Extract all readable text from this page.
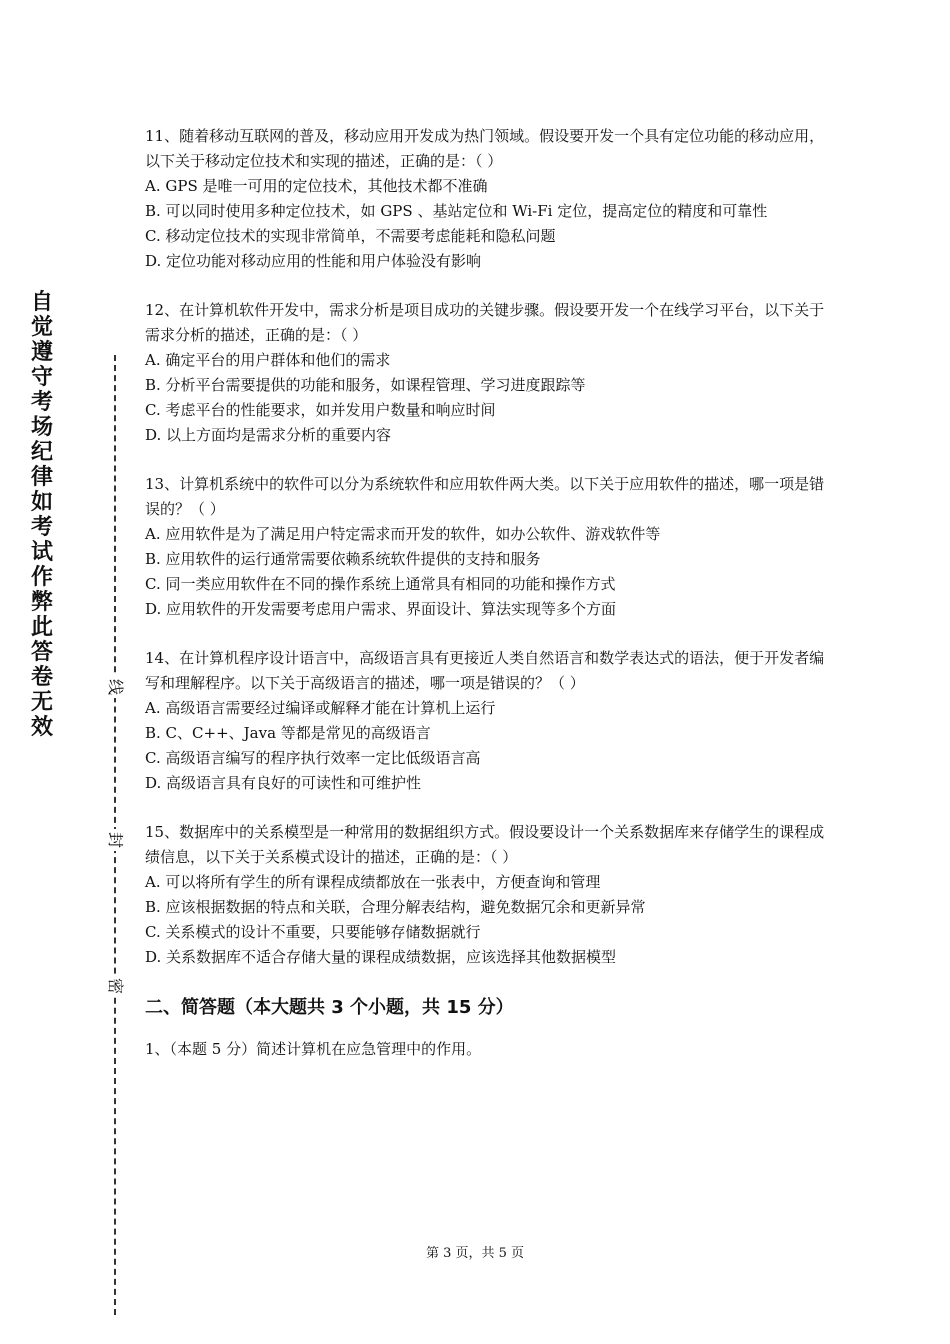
自觉遵守考场纪律如考试作弊此答卷无效
线
封
密

11、随着移动互联网的普及，移动应用开发成为热门领域。假设要开发一个具有定位功能的移动应用，以下关于移动定位技术和实现的描述，正确的是：（ ）

A. GPS 是唯一可用的定位技术，其他技术都不准确

B. 可以同时使用多种定位技术，如 GPS 、基站定位和 Wi-Fi 定位，提高定位的精度和可靠性

C. 移动定位技术的实现非常简单，不需要考虑能耗和隐私问题

D. 定位功能对移动应用的性能和用户体验没有影响

12、在计算机软件开发中，需求分析是项目成功的关键步骤。假设要开发一个在线学习平台，以下关于需求分析的描述，正确的是：（ ）

A. 确定平台的用户群体和他们的需求

B. 分析平台需要提供的功能和服务，如课程管理、学习进度跟踪等

C. 考虑平台的性能要求，如并发用户数量和响应时间

D. 以上方面均是需求分析的重要内容

13、计算机系统中的软件可以分为系统软件和应用软件两大类。以下关于应用软件的描述，哪一项是错误的？（ ）

A. 应用软件是为了满足用户特定需求而开发的软件，如办公软件、游戏软件等

B. 应用软件的运行通常需要依赖系统软件提供的支持和服务

C. 同一类应用软件在不同的操作系统上通常具有相同的功能和操作方式

D. 应用软件的开发需要考虑用户需求、界面设计、算法实现等多个方面

14、在计算机程序设计语言中，高级语言具有更接近人类自然语言和数学表达式的语法，便于开发者编写和理解程序。以下关于高级语言的描述，哪一项是错误的？（ ）

A. 高级语言需要经过编译或解释才能在计算机上运行

B. C、C++、Java 等都是常见的高级语言

C. 高级语言编写的程序执行效率一定比低级语言高

D. 高级语言具有良好的可读性和可维护性

15、数据库中的关系模型是一种常用的数据组织方式。假设要设计一个关系数据库来存储学生的课程成绩信息，以下关于关系模式设计的描述，正确的是：（ ）

A. 可以将所有学生的所有课程成绩都放在一张表中，方便查询和管理

B. 应该根据数据的特点和关联，合理分解表结构，避免数据冗余和更新异常

C. 关系模式的设计不重要，只要能够存储数据就行

D. 关系数据库不适合存储大量的课程成绩数据，应该选择其他数据模型

二、简答题（本大题共 3 个小题，共 15 分）

1、（本题 5 分）简述计算机在应急管理中的作用。

第 3 页，共 5 页
